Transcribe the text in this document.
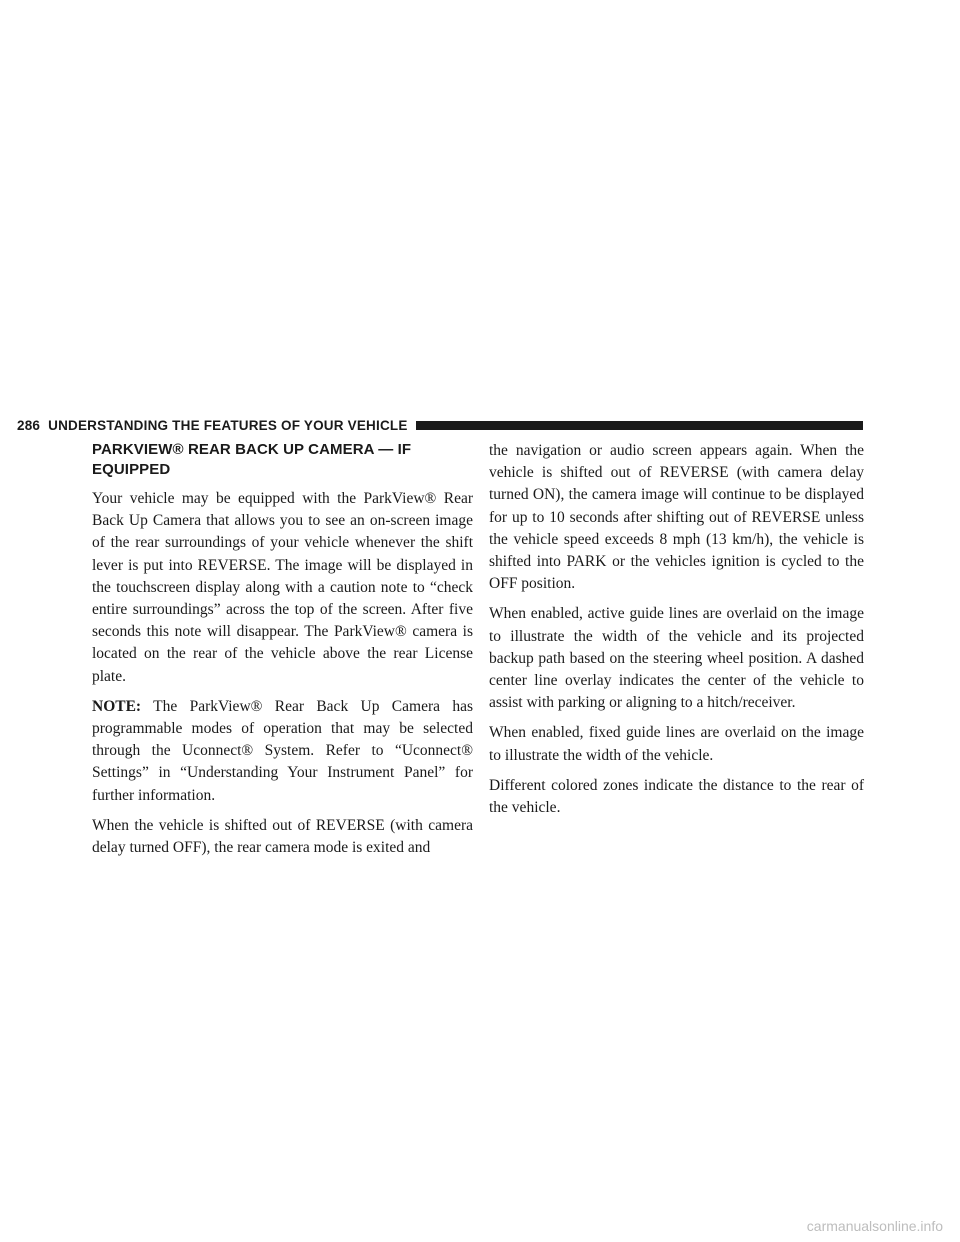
286 UNDERSTANDING THE FEATURES OF YOUR VEHICLE
PARKVIEW® REAR BACK UP CAMERA — IF EQUIPPED

Your vehicle may be equipped with the ParkView® Rear Back Up Camera that allows you to see an on-screen image of the rear surroundings of your vehicle whenever the shift lever is put into REVERSE. The image will be displayed in the touchscreen display along with a caution note to “check entire surroundings” across the top of the screen. After five seconds this note will disappear. The ParkView® camera is located on the rear of the vehicle above the rear License plate.

NOTE: The ParkView® Rear Back Up Camera has programmable modes of operation that may be selected through the Uconnect® System. Refer to “Uconnect® Settings” in “Understanding Your Instrument Panel” for further information.

When the vehicle is shifted out of REVERSE (with camera delay turned OFF), the rear camera mode is exited and

the navigation or audio screen appears again. When the vehicle is shifted out of REVERSE (with camera delay turned ON), the camera image will continue to be displayed for up to 10 seconds after shifting out of REVERSE unless the vehicle speed exceeds 8 mph (13 km/h), the vehicle is shifted into PARK or the vehicles ignition is cycled to the OFF position.

When enabled, active guide lines are overlaid on the image to illustrate the width of the vehicle and its projected backup path based on the steering wheel position. A dashed center line overlay indicates the center of the vehicle to assist with parking or aligning to a hitch/receiver.

When enabled, fixed guide lines are overlaid on the image to illustrate the width of the vehicle.

Different colored zones indicate the distance to the rear of the vehicle.

carmanualsonline.info
